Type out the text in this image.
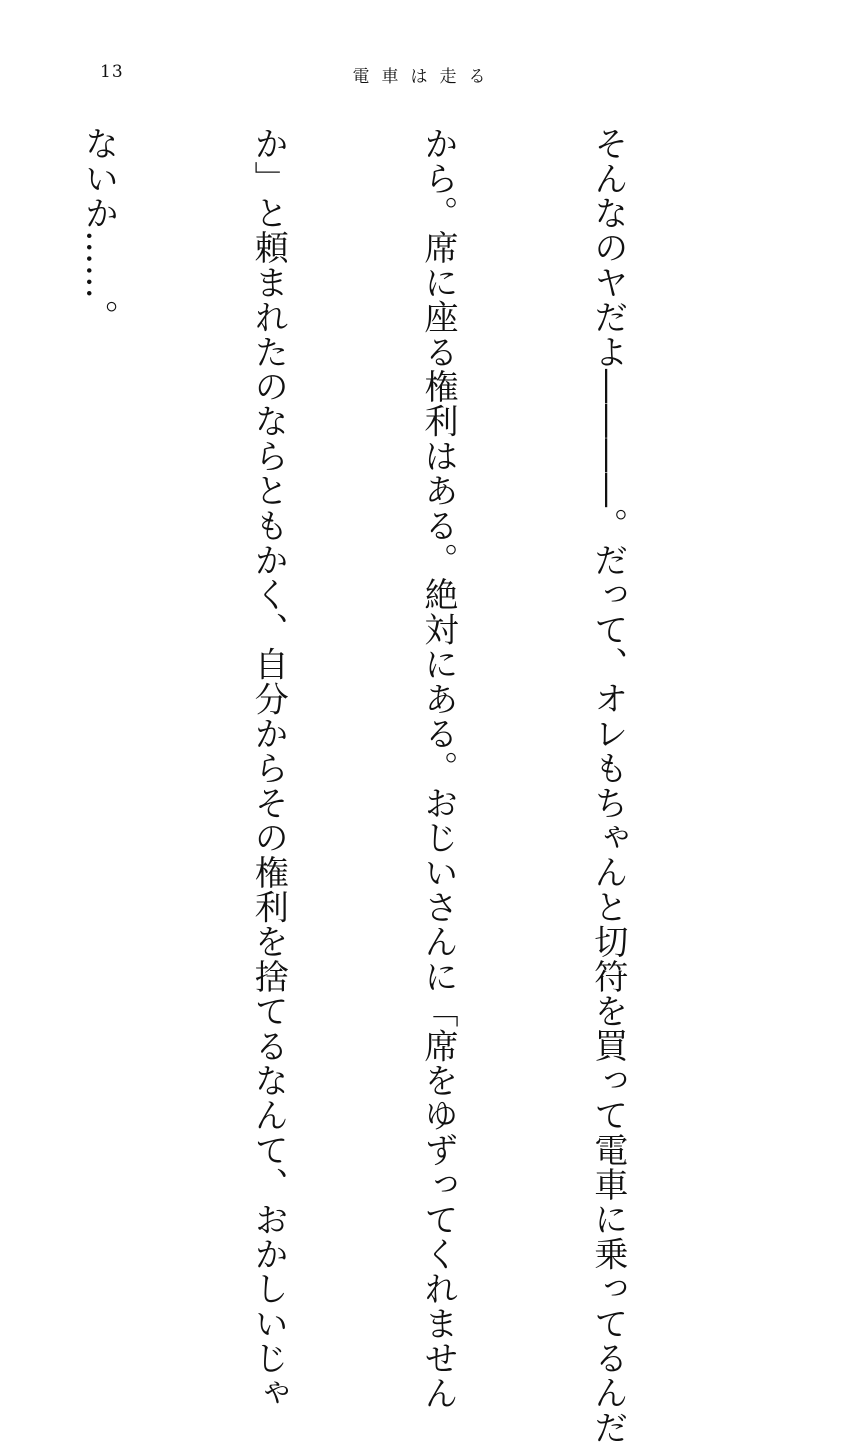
13	電車は走る

そんなのヤだよ――――。だって、オレもちゃんと切符を買って電車に乗ってるんだ

から。席に座る権利はある。絶対にある。おじいさんに「席をゆずってくれません

か」と頼まれたのならともかく、自分からその権利を捨てるなんて、おかしいじゃ

ないか……。
